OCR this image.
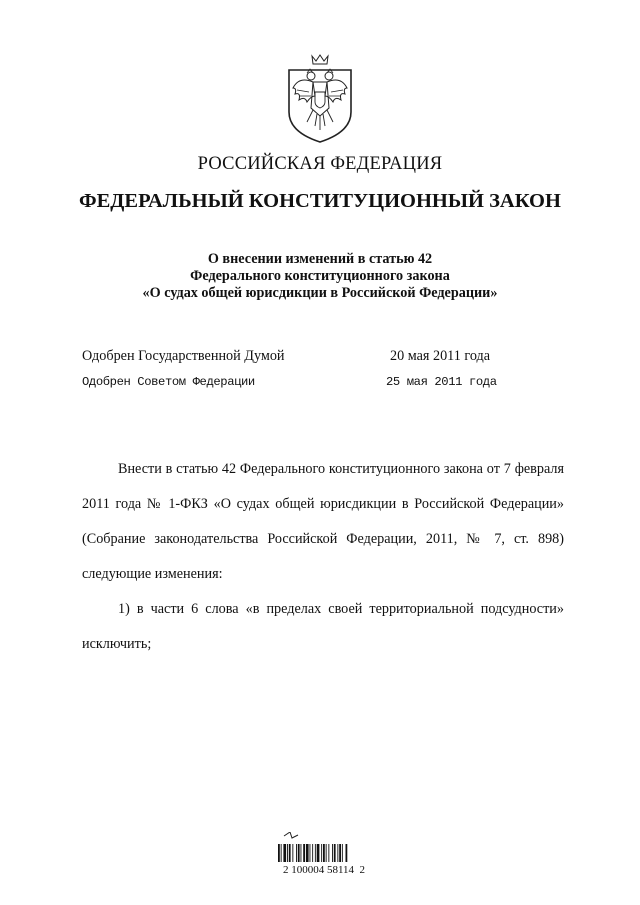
РОССИЙСКАЯ ФЕДЕРАЦИЯ
ФЕДЕРАЛЬНЫЙ КОНСТИТУЦИОННЫЙ ЗАКОН
О внесении изменений в статью 42
Федерального конституционного закона
«О судах общей юрисдикции в Российской Федерации»
Одобрен Государственной Думой	20 мая 2011 года
Одобрен Советом Федерации	25 мая 2011 года
Внести в статью 42 Федерального конституционного закона от 7 февраля 2011 года № 1-ФКЗ «О судах общей юрисдикции в Российской Федерации» (Собрание законодательства Российской Федерации, 2011, № 7, ст. 898) следующие изменения:
1) в части 6 слова «в пределах своей территориальной подсудности» исключить;
2 100004 58114  2
